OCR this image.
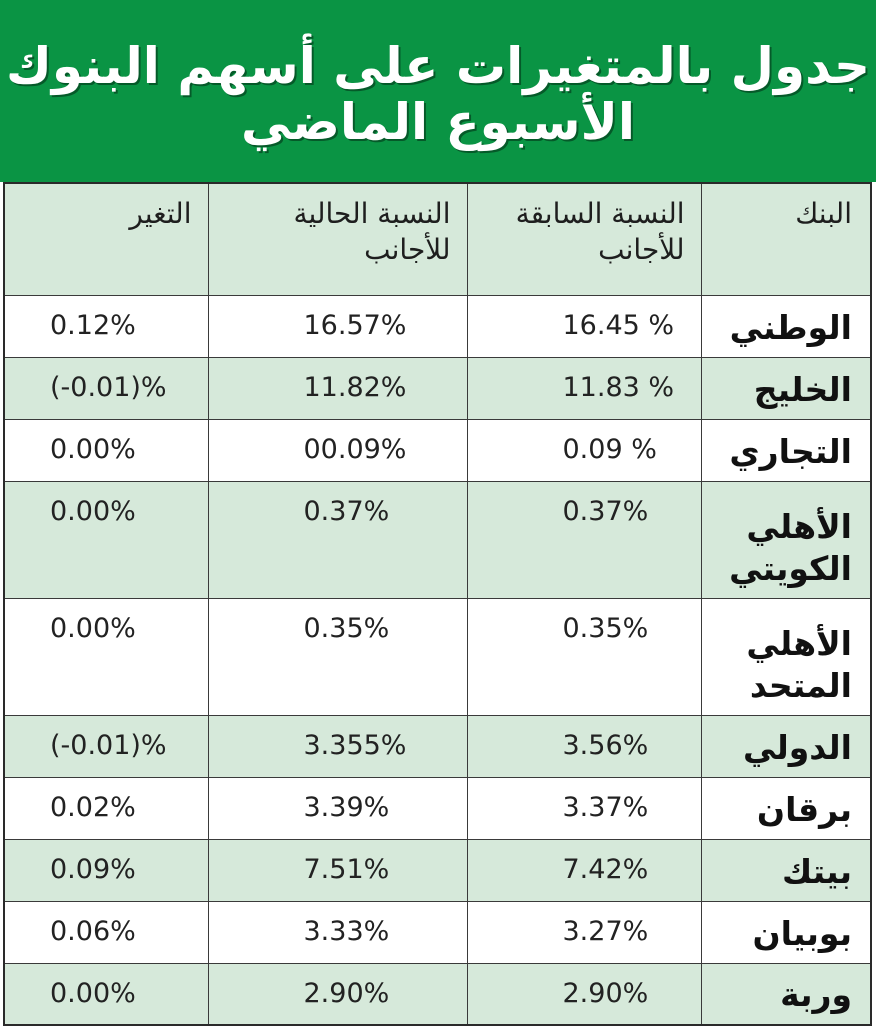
جدول بالمتغيرات على أسهم البنوك
الأسبوع الماضي
البنك	النسبة السابقة للأجانب	النسبة الحالية للأجانب	التغير
الوطني	16.45 %	16.57%	0.12%
الخليج	11.83 %	11.82%	(-0.01)%
التجاري	0.09 %	00.09%	0.00%
الأهلي الكويتي	0.37%	0.37%	0.00%
الأهلي المتحد	0.35%	0.35%	0.00%
الدولي	3.56%	3.355%	(-0.01)%
برقان	3.37%	3.39%	0.02%
بيتك	7.42%	7.51%	0.09%
بوبيان	3.27%	3.33%	0.06%
وربة	2.90%	2.90%	0.00%
